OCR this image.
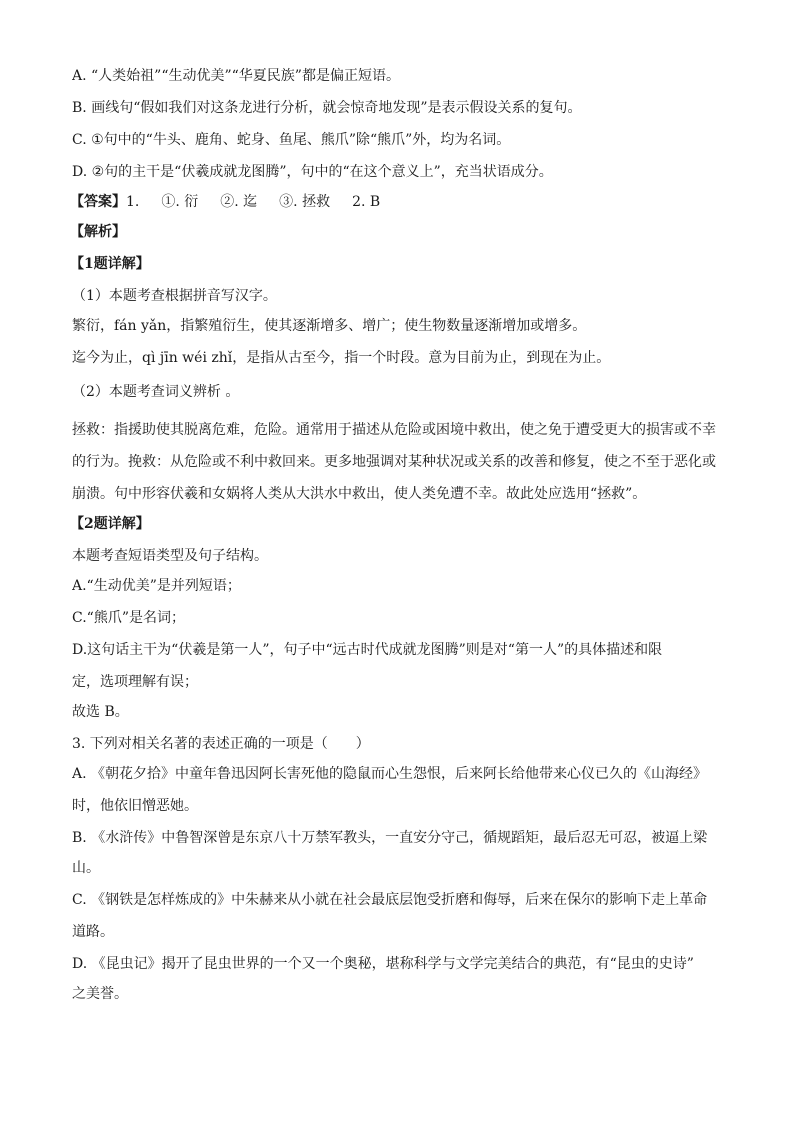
A. “人类始祖”“生动优美”“华夏民族”都是偏正短语。
B. 画线句“假如我们对这条龙进行分析，就会惊奇地发现”是表示假设关系的复句。
C. ①句中的“牛头、鹿角、蛇身、鱼尾、熊爪”除“熊爪”外，均为名词。
D. ②句的主干是“伏羲成就龙图腾”，句中的“在这个意义上”，充当状语成分。
【答案】1. ①. 衍 ②. 迄 ③. 拯救 2. B
【解析】
【1题详解】
（1）本题考查根据拼音写汉字。
繁衍，fán yǎn，指繁殖衍生，使其逐渐增多、增广；使生物数量逐渐增加或增多。
迄今为止，qì jīn wéi zhǐ，是指从古至今，指一个时段。意为目前为止，到现在为止。
（2）本题考查词义辨析 。
拯救：指援助使其脱离危难，危险。通常用于描述从危险或困境中救出，使之免于遭受更大的损害或不幸
的行为。挽救：从危险或不利中救回来。更多地强调对某种状况或关系的改善和修复，使之不至于恶化或
崩溃。句中形容伏羲和女娲将人类从大洪水中救出，使人类免遭不幸。故此处应选用“拯救”。
【2题详解】
本题考查短语类型及句子结构。
A.“生动优美”是并列短语；
C.“熊爪”是名词；
D.这句话主干为“伏羲是第一人”，句子中“远古时代成就龙图腾”则是对“第一人”的具体描述和限
定，选项理解有误；
故选 B。
3. 下列对相关名著的表述正确的一项是（　　）
A. 《朝花夕拾》中童年鲁迅因阿长害死他的隐鼠而心生怨恨，后来阿长给他带来心仪已久的《山海经》
时，他依旧憎恶她。
B. 《水浒传》中鲁智深曾是东京八十万禁军教头，一直安分守己，循规蹈矩，最后忍无可忍，被逼上梁
山。
C. 《钢铁是怎样炼成的》中朱赫来从小就在社会最底层饱受折磨和侮辱，后来在保尔的影响下走上革命
道路。
D. 《昆虫记》揭开了昆虫世界的一个又一个奥秘，堪称科学与文学完美结合的典范，有“昆虫的史诗”
之美誉。
